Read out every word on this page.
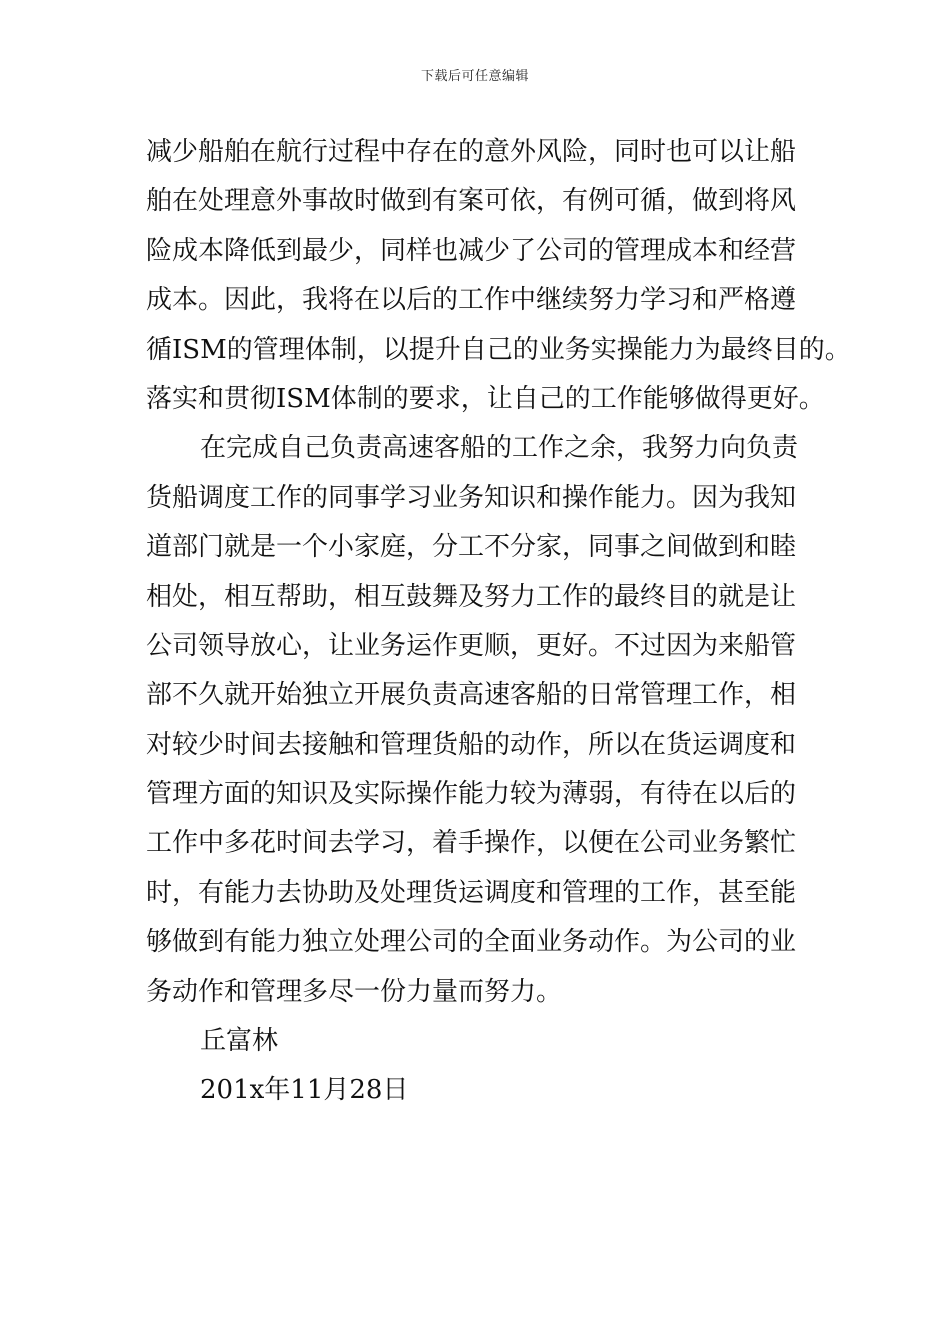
下载后可任意编辑
减少船舶在航行过程中存在的意外风险，同时也可以让船
舶在处理意外事故时做到有案可依，有例可循，做到将风
险成本降低到最少，同样也减少了公司的管理成本和经营
成本。因此，我将在以后的工作中继续努力学习和严格遵
循ISM的管理体制，以提升自己的业务实操能力为最终目的。
落实和贯彻ISM体制的要求，让自己的工作能够做得更好。
在完成自己负责高速客船的工作之余，我努力向负责
货船调度工作的同事学习业务知识和操作能力。因为我知
道部门就是一个小家庭，分工不分家，同事之间做到和睦
相处，相互帮助，相互鼓舞及努力工作的最终目的就是让
公司领导放心，让业务运作更顺，更好。不过因为来船管
部不久就开始独立开展负责高速客船的日常管理工作，相
对较少时间去接触和管理货船的动作，所以在货运调度和
管理方面的知识及实际操作能力较为薄弱，有待在以后的
工作中多花时间去学习，着手操作，以便在公司业务繁忙
时，有能力去协助及处理货运调度和管理的工作，甚至能
够做到有能力独立处理公司的全面业务动作。为公司的业
务动作和管理多尽一份力量而努力。
丘富林
201x年11月28日
